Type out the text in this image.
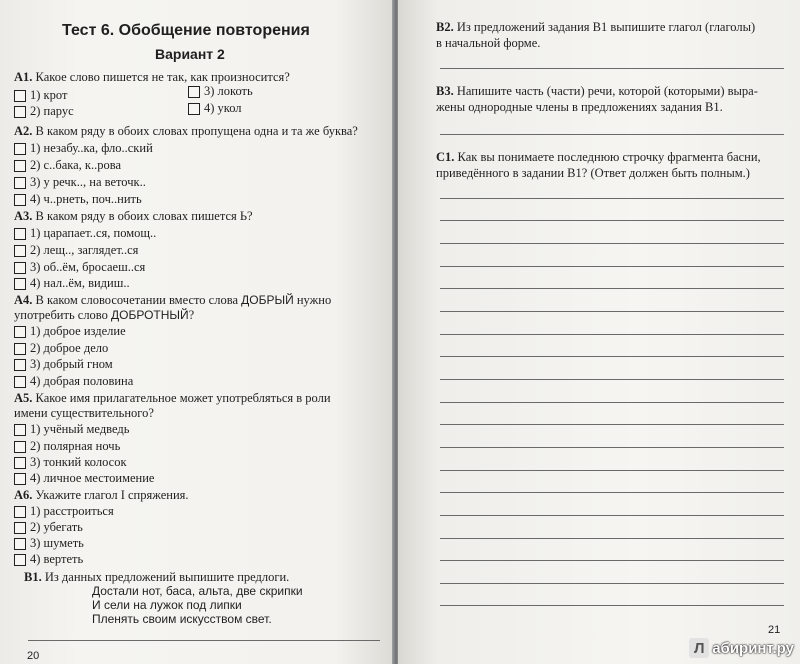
Тест 6. Обобщение повторения
Вариант 2
А1. Какое слово пишется не так, как произносится?
1) крот
2) парус
3) локоть
4) укол
А2. В каком ряду в обоих словах пропущена одна и та же буква?
1) незабу..ка, фло..ский
2) с..бака, к..рова
3) у речк.., на веточк..
4) ч..рнеть, поч..нить
А3. В каком ряду в обоих словах пишется Ь?
1) царапает..ся, помощ..
2) лещ.., заглядет..ся
3) об..ём, бросаеш..ся
4) нал..ём, видиш..
А4. В каком словосочетании вместо слова ДОБРЫЙ нужно
употребить слово ДОБРОТНЫЙ?
1) доброе изделие
2) доброе дело
3) добрый гном
4) добрая половина
А5. Какое имя прилагательное может употребляться в роли
имени существительного?
1) учёный медведь
2) полярная ночь
3) тонкий колосок
4) личное местоимение
А6. Укажите глагол I спряжения.
1) расстроиться
2) убегать
3) шуметь
4) вертеть
В1. Из данных предложений выпишите предлоги.
Достали нот, баса, альта, две скрипки
И сели на лужок под липки
Пленять своим искусством свет.
20
В2. Из предложений задания В1 выпишите глагол (глаголы)
в начальной форме.
В3. Напишите часть (части) речи, которой (которыми) выра-
жены однородные члены в предложениях задания В1.
С1. Как вы понимаете последнюю строчку фрагмента басни,
приведённого в задании В1? (Ответ должен быть полным.)
21
Л абиринт.ру
